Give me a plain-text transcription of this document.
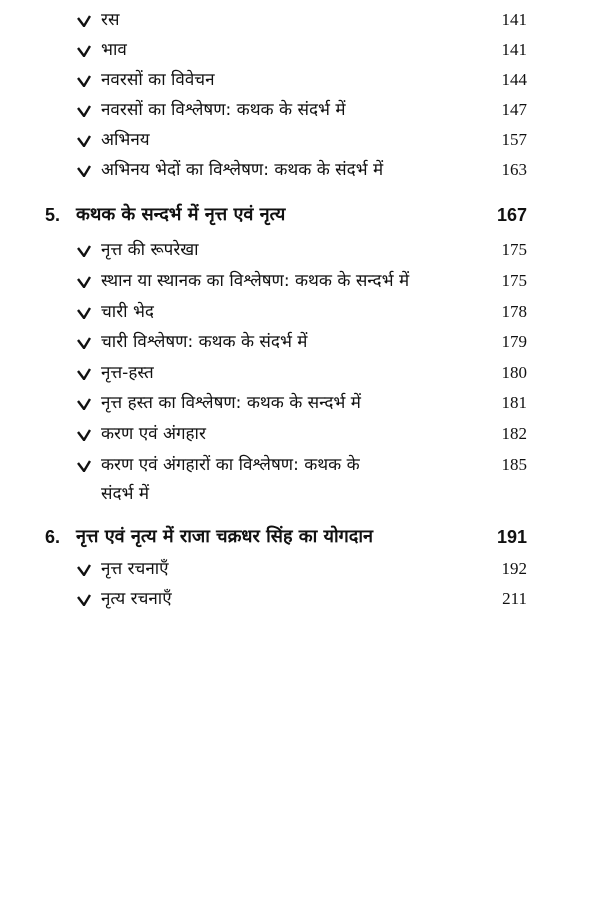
रस	141
भाव	141
नवरसों का विवेचन	144
नवरसों का विश्लेषण: कथक के संदर्भ में	147
अभिनय	157
अभिनय भेदों का विश्लेषण: कथक के संदर्भ में	163
5. कथक के सन्दर्भ में नृत्त एवं नृत्य	167
नृत्त की रूपरेखा	175
स्थान या स्थानक का विश्लेषण: कथक के सन्दर्भ में	175
चारी भेद	178
चारी विश्लेषण: कथक के संदर्भ में	179
नृत्त-हस्त	180
नृत्त हस्त का विश्लेषण: कथक के सन्दर्भ में	181
करण एवं अंगहार	182
करण एवं अंगहारों का विश्लेषण: कथक के	185
संदर्भ में
6. नृत्त एवं नृत्य में राजा चक्रधर सिंह का योगदान	191
नृत्त रचनाएँ	192
नृत्य रचनाएँ	211
